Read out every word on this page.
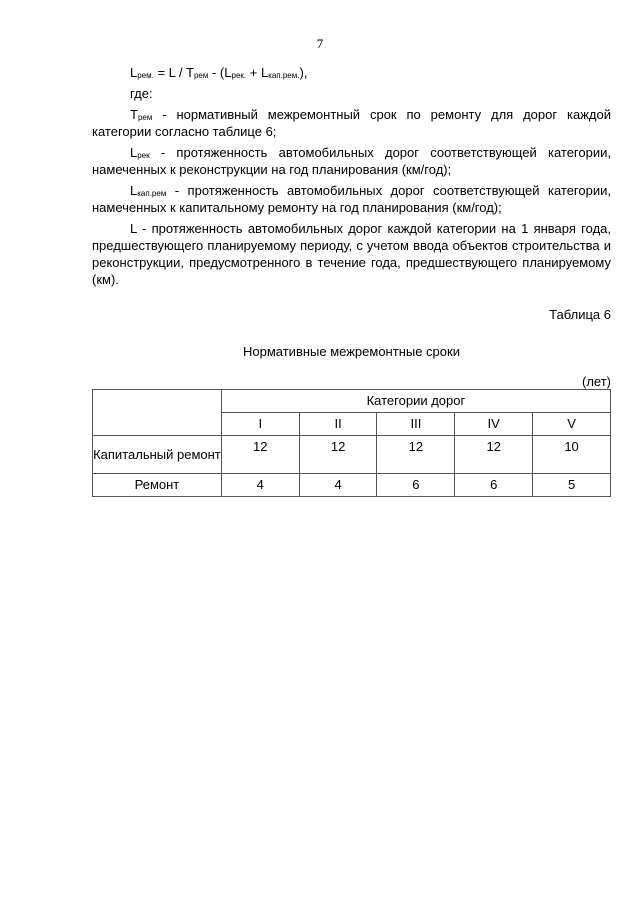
7
$L_{рем.} = L / T_{рем} - (L_{рек.} + L_{кап.рем.})$,
где:

$T_{рем}$ - нормативный межремонтный срок по ремонту для дорог каждой категории согласно таблице 6;

$L_{рек}$ - протяженность автомобильных дорог соответствующей категории, намеченных к реконструкции на год планирования (км/год);

$L_{кап.рем}$ - протяженность автомобильных дорог соответствующей категории, намеченных к капитальному ремонту на год планирования (км/год);

L - протяженность автомобильных дорог каждой категории на 1 января года, предшествующего планируемому периоду, с учетом ввода объектов строительства и реконструкции, предусмотренного в течение года, предшествующего планируемому (км).

Таблица 6
Нормативные межремонтные сроки
(лет)
	Категории дорог				
	I	II	III	IV	V
Капитальный ремонт	12	12	12	12	10
Ремонт	4	4	6	6	5
